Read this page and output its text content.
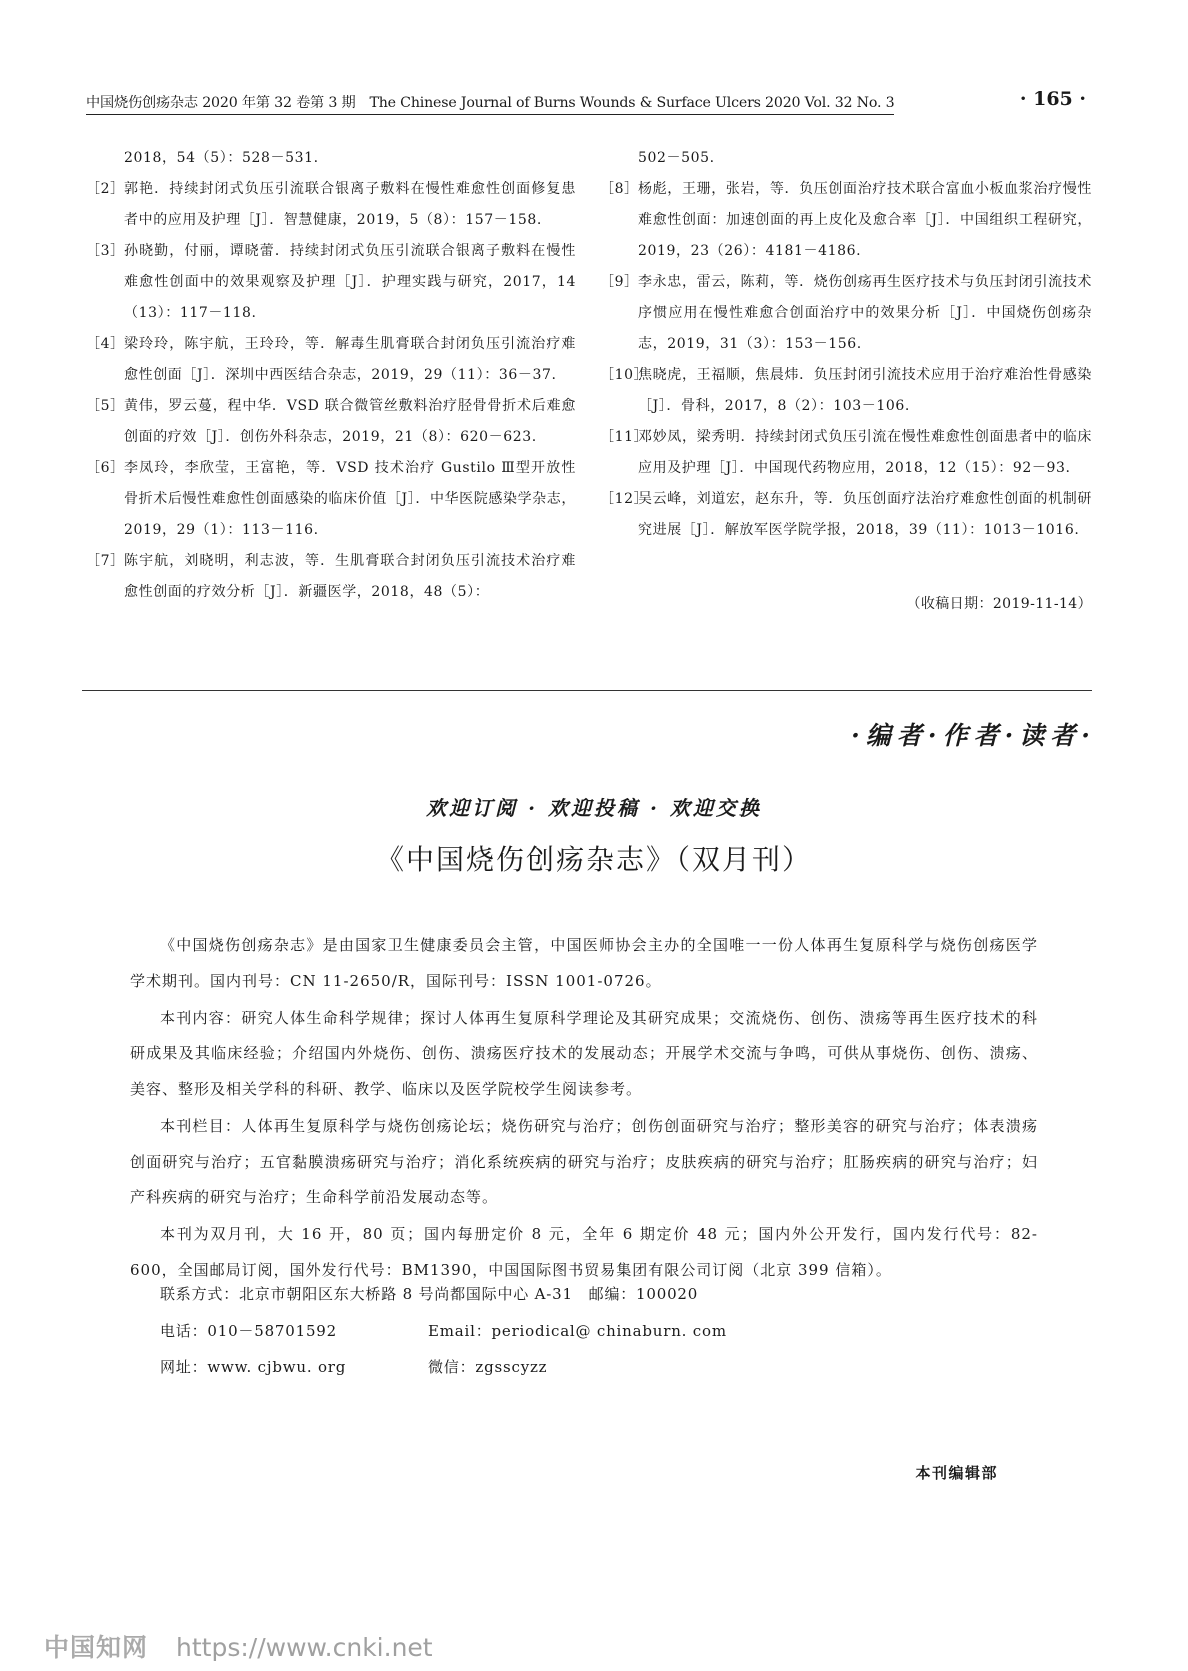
中国烧伤创疡杂志 2020 年第 32 卷第 3 期　The Chinese Journal of Burns Wounds & Surface Ulcers 2020 Vol. 32 No. 3	· 165 ·
2018，54（5）：528－531.
［2］ 郭艳．持续封闭式负压引流联合银离子敷料在慢性难愈性创面修复患者中的应用及护理［J］．智慧健康，2019，5（8）：157－158.
［3］ 孙晓勤，付丽，谭晓蕾．持续封闭式负压引流联合银离子敷料在慢性难愈性创面中的效果观察及护理［J］．护理实践与研究，2017，14（13）：117－118.
［4］ 梁玲玲，陈宇航，王玲玲，等．解毒生肌膏联合封闭负压引流治疗难愈性创面［J］．深圳中西医结合杂志，2019，29（11）：36－37.
［5］ 黄伟，罗云蔓，程中华．VSD 联合微管丝敷料治疗胫骨骨折术后难愈创面的疗效［J］．创伤外科杂志，2019，21（8）：620－623.
［6］ 李凤玲，李欣莹，王富艳，等．VSD 技术治疗 Gustilo Ⅲ型开放性骨折术后慢性难愈性创面感染的临床价值［J］．中华医院感染学杂志，2019，29（1）：113－116.
［7］ 陈宇航，刘晓明，利志波，等．生肌膏联合封闭负压引流技术治疗难愈性创面的疗效分析［J］．新疆医学，2018，48（5）：
502－505.
［8］ 杨彪，王珊，张岩，等．负压创面治疗技术联合富血小板血浆治疗慢性难愈性创面：加速创面的再上皮化及愈合率［J］．中国组织工程研究，2019，23（26）：4181－4186.
［9］ 李永忠，雷云，陈莉，等．烧伤创疡再生医疗技术与负压封闭引流技术序惯应用在慢性难愈合创面治疗中的效果分析［J］．中国烧伤创疡杂志，2019，31（3）：153－156.
［10］
焦晓虎，王福顺，焦晨炜．负压封闭引流技术应用于治疗难治性骨感染［J］．骨科，2017，8（2）：103－106.
［11］
邓妙凤，梁秀明．持续封闭式负压引流在慢性难愈性创面患者中的临床应用及护理［J］．中国现代药物应用，2018，12（15）：92－93.
［12］
吴云峰，刘道宏，赵东升，等．负压创面疗法治疗难愈性创面的机制研究进展［J］．解放军医学院学报，2018，39（11）：1013－1016.
（收稿日期：2019-11-14）
·编者·作者·读者·
欢迎订阅 · 欢迎投稿 · 欢迎交换
《中国烧伤创疡杂志》（双月刊）

《中国烧伤创疡杂志》是由国家卫生健康委员会主管，中国医师协会主办的全国唯一一份人体再生复原科学与烧伤创疡医学学术期刊。国内刊号：CN 11-2650/R，国际刊号：ISSN 1001-0726。

本刊内容：研究人体生命科学规律；探讨人体再生复原科学理论及其研究成果；交流烧伤、创伤、溃疡等再生医疗技术的科研成果及其临床经验；介绍国内外烧伤、创伤、溃疡医疗技术的发展动态；开展学术交流与争鸣，可供从事烧伤、创伤、溃疡、美容、整形及相关学科的科研、教学、临床以及医学院校学生阅读参考。

本刊栏目：人体再生复原科学与烧伤创疡论坛；烧伤研究与治疗；创伤创面研究与治疗；整形美容的研究与治疗；体表溃疡创面研究与治疗；五官黏膜溃疡研究与治疗；消化系统疾病的研究与治疗；皮肤疾病的研究与治疗；肛肠疾病的研究与治疗；妇产科疾病的研究与治疗；生命科学前沿发展动态等。

本刊为双月刊，大 16 开，80 页；国内每册定价 8 元，全年 6 期定价 48 元；国内外公开发行，国内发行代号：82-600，全国邮局订阅，国外发行代号：BM1390，中国国际图书贸易集团有限公司订阅（北京 399 信箱）。

联系方式：北京市朝阳区东大桥路 8 号尚都国际中心 A-31　邮编：100020
电话：010－58701592	Email：periodical@ chinaburn. com
网址：www. cjbwu. org	微信：zgsscyzz
本刊编辑部
中国知网 https://www.cnki.net
